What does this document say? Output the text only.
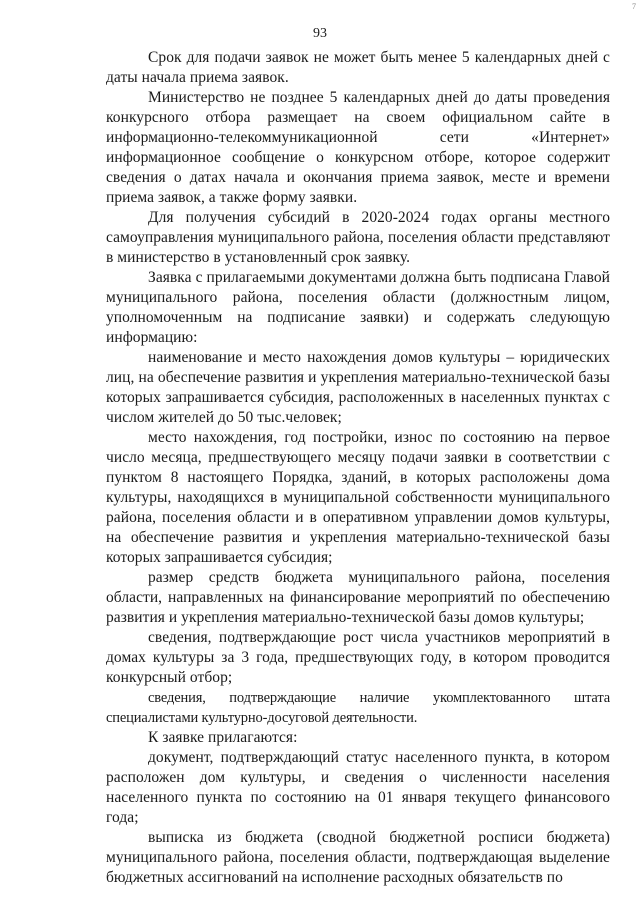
7
93

Срок для подачи заявок не может быть менее 5 календарных дней с даты начала приема заявок.

Министерство не позднее 5 календарных дней до даты проведения конкурсного отбора размещает на своем официальном сайте в информационно-телекоммуникационной сети «Интернет» информационное сообщение о конкурсном отборе, которое содержит сведения о датах начала и окончания приема заявок, месте и времени приема заявок, а также форму заявки.

Для получения субсидий в 2020-2024 годах органы местного самоуправления муниципального района, поселения области представляют в министерство в установленный срок заявку.

Заявка с прилагаемыми документами должна быть подписана Главой муниципального района, поселения области (должностным лицом, уполномоченным на подписание заявки) и содержать следующую информацию:

наименование и место нахождения домов культуры – юридических лиц, на обеспечение развития и укрепления материально-технической базы которых запрашивается субсидия, расположенных в населенных пунктах с числом жителей до 50 тыс.человек;

место нахождения, год постройки, износ по состоянию на первое число месяца, предшествующего месяцу подачи заявки в соответствии с пунктом 8 настоящего Порядка, зданий, в которых расположены дома культуры, находящихся в муниципальной собственности муниципального района, поселения области и в оперативном управлении домов культуры, на обеспечение развития и укрепления материально-технической базы которых запрашивается субсидия;

размер средств бюджета муниципального района, поселения области, направленных на финансирование мероприятий по обеспечению развития и укрепления материально-технической базы домов культуры;

сведения, подтверждающие рост числа участников мероприятий в домах культуры за 3 года, предшествующих году, в котором проводится конкурсный отбор;

сведения, подтверждающие наличие укомплектованного штата специалистами культурно-досуговой деятельности.

К заявке прилагаются:

документ, подтверждающий статус населенного пункта, в котором расположен дом культуры, и сведения о численности населения населенного пункта по состоянию на 01 января текущего финансового года;

выписка из бюджета (сводной бюджетной росписи бюджета) муниципального района, поселения области, подтверждающая выделение бюджетных ассигнований на исполнение расходных обязательств по
